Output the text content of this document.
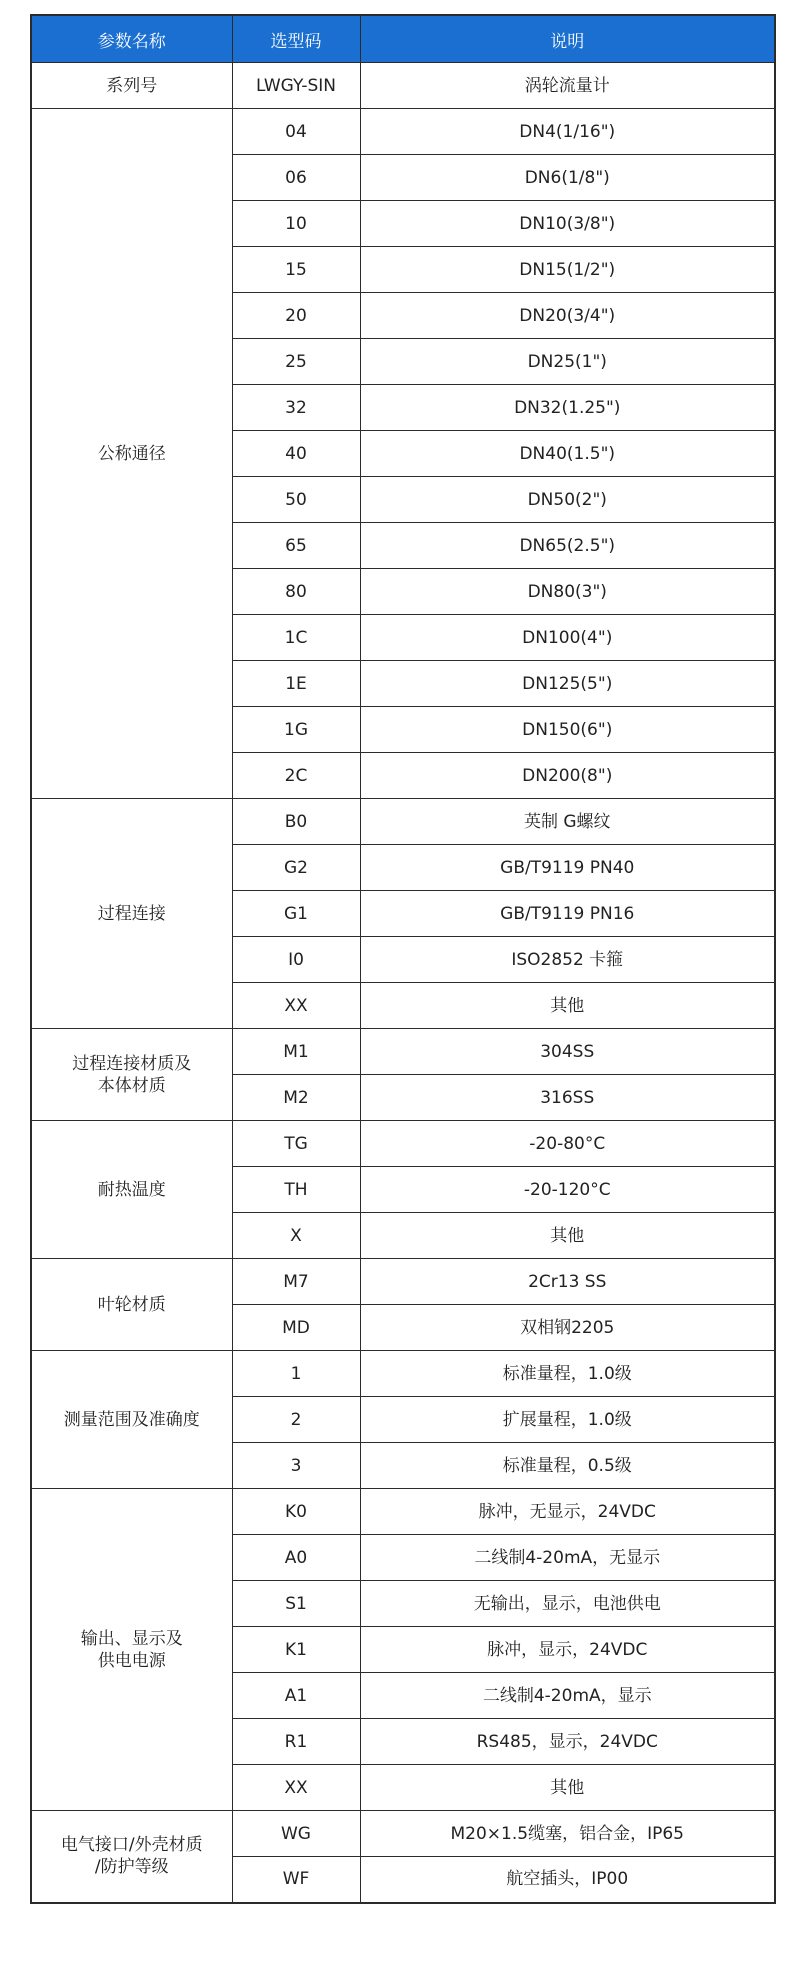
参数名称	选型码	说明
系列号	LWGY-SIN	涡轮流量计
公称通径	04	DN4(1/16")
	06	DN6(1/8")
	10	DN10(3/8")
	15	DN15(1/2")
	20	DN20(3/4")
	25	DN25(1")
	32	DN32(1.25")
	40	DN40(1.5")
	50	DN50(2")
	65	DN65(2.5")
	80	DN80(3")
	1C	DN100(4")
	1E	DN125(5")
	1G	DN150(6")
	2C	DN200(8")
过程连接	B0	英制 G螺纹
	G2	GB/T9119 PN40
	G1	GB/T9119 PN16
	I0	ISO2852 卡箍
	XX	其他
过程连接材质及
本体材质	M1	304SS
	M2	316SS
耐热温度	TG	-20-80°C
	TH	-20-120°C
	X	其他
叶轮材质	M7	2Cr13 SS
	MD	双相钢2205
测量范围及准确度	1	标准量程，1.0级
	2	扩展量程，1.0级
	3	标准量程，0.5级
输出、显示及
供电电源	K0	脉冲，无显示，24VDC
	A0	二线制4-20mA，无显示
	S1	无输出，显示，电池供电
	K1	脉冲，显示，24VDC
	A1	二线制4-20mA，显示
	R1	RS485，显示，24VDC
	XX	其他
电气接口/外壳材质
/防护等级	WG	M20×1.5缆塞，铝合金，IP65
	WF	航空插头，IP00
